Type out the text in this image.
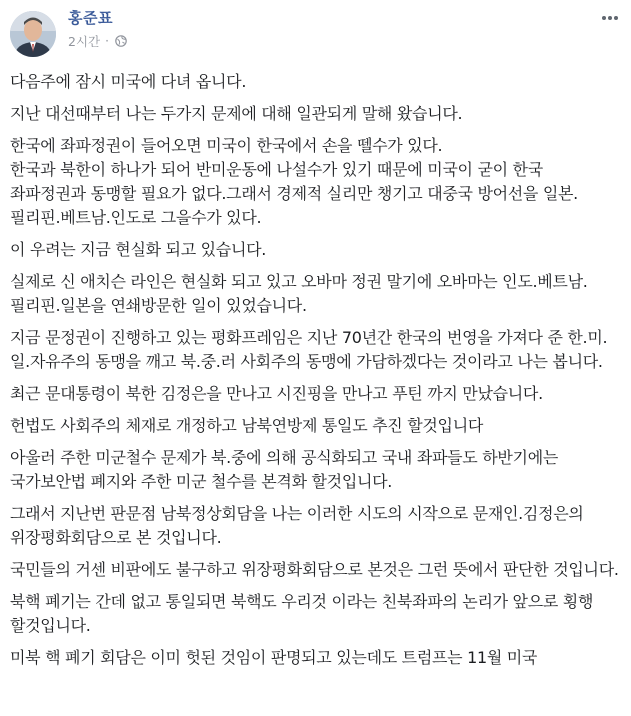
홍준표
2시간 ·

다음주에 잠시 미국에 다녀 옵니다.

지난 대선때부터 나는 두가지 문제에 대해 일관되게 말해 왔습니다.

한국에 좌파정권이 들어오면 미국이 한국에서 손을 뗄수가 있다.
한국과 북한이 하나가 되어 반미운동에 나설수가 있기 때문에 미국이 굳이 한국 좌파정권과 동맹할 필요가 없다.그래서 경제적 실리만 챙기고 대중국 방어선을 일본.필리핀.베트남.인도로 그을수가 있다.

이 우려는 지금 현실화 되고 있습니다.

실제로 신 애치슨 라인은 현실화 되고 있고 오바마 정권 말기에 오바마는 인도.베트남.필리핀.일본을 연쇄방문한 일이 있었습니다.

지금 문정권이 진행하고 있는 평화프레임은 지난 70년간 한국의 번영을 가져다 준 한.미.일.자유주의 동맹을 깨고 북.중.러 사회주의 동맹에 가담하겠다는 것이라고 나는 봅니다.

최근 문대통령이 북한 김정은을 만나고 시진핑을 만나고 푸틴 까지 만났습니다.

헌법도 사회주의 체재로 개정하고 남북연방제 통일도 추진 할것입니다

아울러 주한 미군철수 문제가 북.중에 의해 공식화되고 국내 좌파들도 하반기에는 국가보안법 폐지와 주한 미군 철수를 본격화 할것입니다.

그래서 지난번 판문점 남북정상회담을 나는 이러한 시도의 시작으로 문재인.김정은의 위장평화회담으로 본 것입니다.

국민들의 거센 비판에도 불구하고 위장평화회담으로 본것은 그런 뜻에서 판단한 것입니다.

북핵 폐기는 간데 없고 통일되면 북핵도 우리것 이라는 친북좌파의 논리가 앞으로 횡행 할것입니다.

미북 핵 폐기 회담은 이미 헛된 것임이 판명되고 있는데도 트럼프는 11월 미국
